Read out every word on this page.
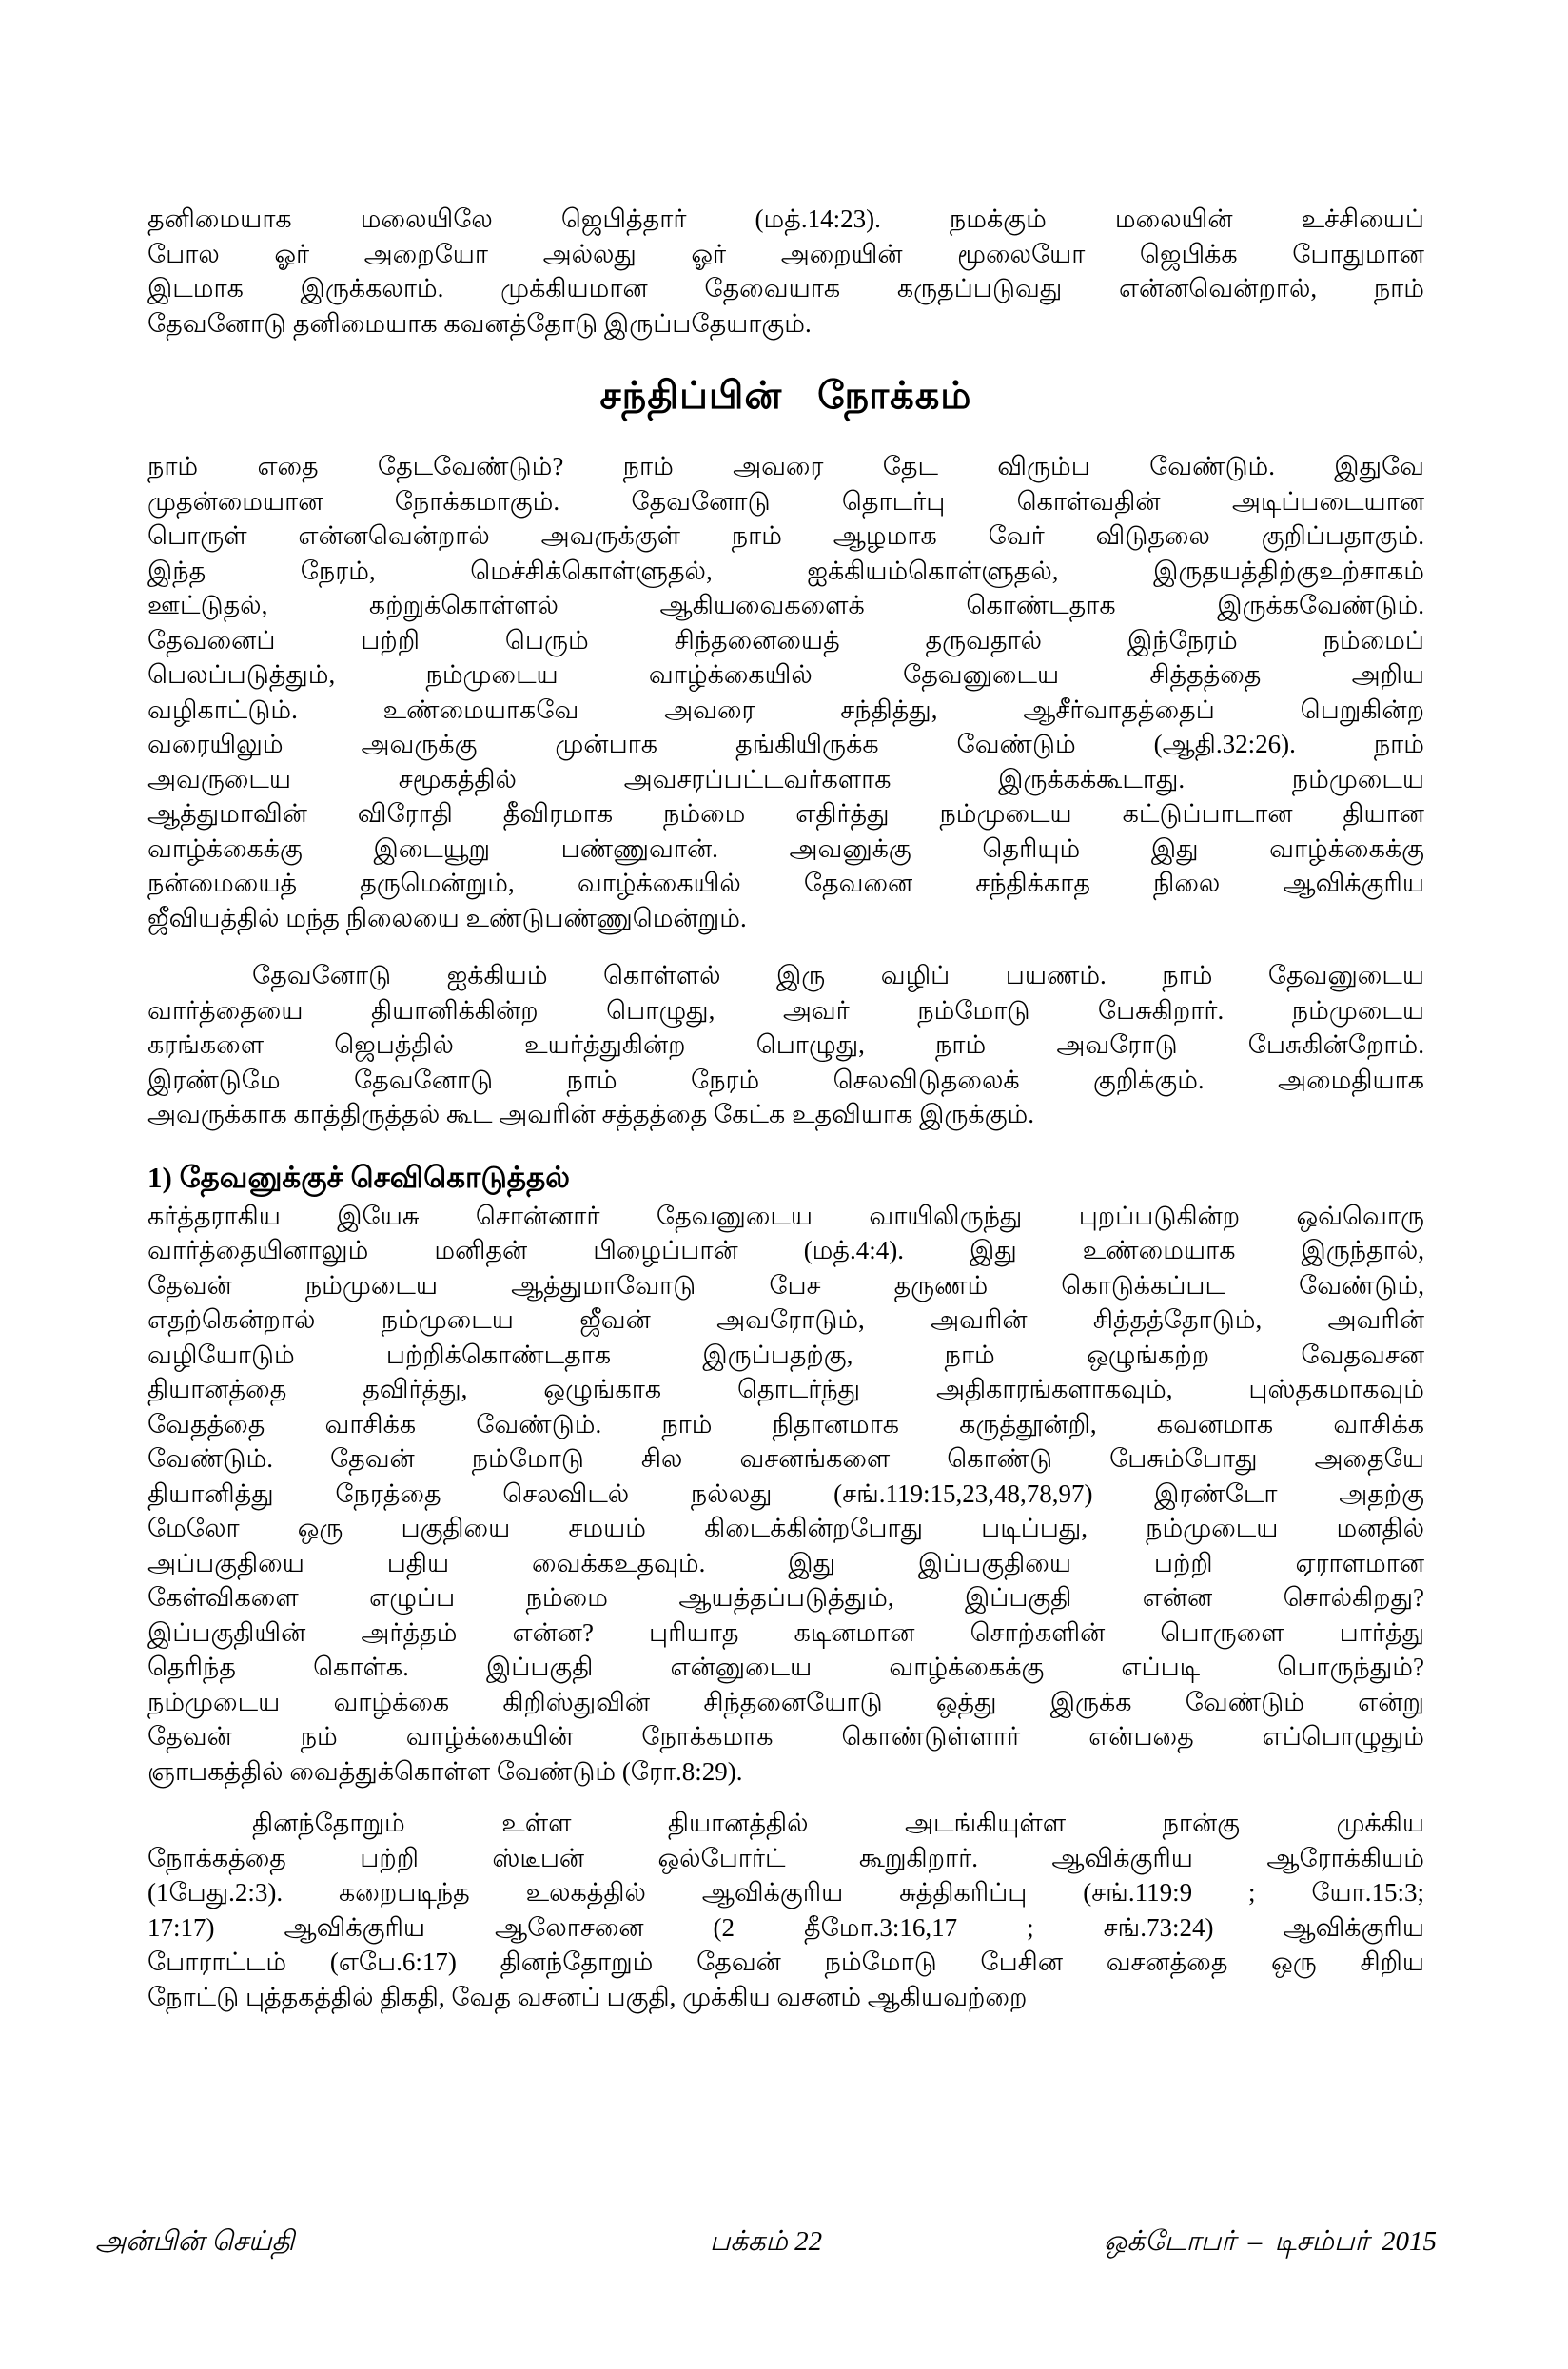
தனிமையாக மலையிலே ஜெபித்தார் (மத்.14:23). நமக்கும் மலையின் உச்சியைப்
போல ஓர் அறையோ அல்லது ஓர் அறையின் மூலையோ ஜெபிக்க போதுமான
இடமாக இருக்கலாம். முக்கியமான தேவையாக கருதப்படுவது என்னவென்றால், நாம்
தேவனோடு தனிமையாக கவனத்தோடு இருப்பதேயாகும்.
சந்திப்பின் நோக்கம்
நாம் எதை தேடவேண்டும்? நாம் அவரை தேட விரும்ப வேண்டும். இதுவே
முதன்மையான நோக்கமாகும். தேவனோடு தொடர்பு கொள்வதின் அடிப்படையான
பொருள் என்னவென்றால் அவருக்குள் நாம் ஆழமாக வேர் விடுதலை குறிப்பதாகும்.
இந்த நேரம், மெச்சிக்கொள்ளுதல், ஐக்கியம்கொள்ளுதல், இருதயத்திற்குஉற்சாகம்
ஊட்டுதல், கற்றுக்கொள்ளல் ஆகியவைகளைக் கொண்டதாக இருக்கவேண்டும்.
தேவனைப் பற்றி பெரும் சிந்தனையைத் தருவதால் இந்நேரம் நம்மைப்
பெலப்படுத்தும், நம்முடைய வாழ்க்கையில் தேவனுடைய சித்தத்தை அறிய
வழிகாட்டும். உண்மையாகவே அவரை சந்தித்து, ஆசீர்வாதத்தைப் பெறுகின்ற
வரையிலும் அவருக்கு முன்பாக தங்கியிருக்க வேண்டும் (ஆதி.32:26). நாம்
அவருடைய சமூகத்தில் அவசரப்பட்டவர்களாக இருக்கக்கூடாது. நம்முடைய
ஆத்துமாவின் விரோதி தீவிரமாக நம்மை எதிர்த்து நம்முடைய கட்டுப்பாடான தியான
வாழ்க்கைக்கு இடையூறு பண்ணுவான். அவனுக்கு தெரியும் இது வாழ்க்கைக்கு
நன்மையைத் தருமென்றும், வாழ்க்கையில் தேவனை சந்திக்காத நிலை ஆவிக்குரிய
ஜீவியத்தில் மந்த நிலையை உண்டுபண்ணுமென்றும்.
தேவனோடு ஐக்கியம் கொள்ளல் இரு வழிப் பயணம். நாம் தேவனுடைய
வார்த்தையை தியானிக்கின்ற பொழுது, அவர் நம்மோடு பேசுகிறார். நம்முடைய
கரங்களை ஜெபத்தில் உயர்த்துகின்ற பொழுது, நாம் அவரோடு பேசுகின்றோம்.
இரண்டுமே தேவனோடு நாம் நேரம் செலவிடுதலைக் குறிக்கும். அமைதியாக
அவருக்காக காத்திருத்தல் கூட அவரின் சத்தத்தை கேட்க உதவியாக இருக்கும்.
1) தேவனுக்குச் செவிகொடுத்தல்
கர்த்தராகிய இயேசு சொன்னார் தேவனுடைய வாயிலிருந்து புறப்படுகின்ற ஒவ்வொரு
வார்த்தையினாலும் மனிதன் பிழைப்பான் (மத்.4:4). இது உண்மையாக இருந்தால்,
தேவன் நம்முடைய ஆத்துமாவோடு பேச தருணம் கொடுக்கப்பட வேண்டும்,
எதற்கென்றால் நம்முடைய ஜீவன் அவரோடும், அவரின் சித்தத்தோடும், அவரின்
வழியோடும் பற்றிக்கொண்டதாக இருப்பதற்கு, நாம் ஒழுங்கற்ற வேதவசன
தியானத்தை தவிர்த்து, ஒழுங்காக தொடர்ந்து அதிகாரங்களாகவும், புஸ்தகமாகவும்
வேதத்தை வாசிக்க வேண்டும். நாம் நிதானமாக கருத்தூன்றி, கவனமாக வாசிக்க
வேண்டும். தேவன் நம்மோடு சில வசனங்களை கொண்டு பேசும்போது அதையே
தியானித்து நேரத்தை செலவிடல் நல்லது (சங்.119:15,23,48,78,97) இரண்டோ அதற்கு
மேலோ ஒரு பகுதியை சமயம் கிடைக்கின்றபோது படிப்பது, நம்முடைய மனதில்
அப்பகுதியை பதிய வைக்கஉதவும். இது இப்பகுதியை பற்றி ஏராளமான
கேள்விகளை எழுப்ப நம்மை ஆயத்தப்படுத்தும், இப்பகுதி என்ன சொல்கிறது?
இப்பகுதியின் அர்த்தம் என்ன? புரியாத கடினமான சொற்களின் பொருளை பார்த்து
தெரிந்த கொள்க. இப்பகுதி என்னுடைய வாழ்க்கைக்கு எப்படி பொருந்தும்?
நம்முடைய வாழ்க்கை கிறிஸ்துவின் சிந்தனையோடு ஒத்து இருக்க வேண்டும் என்று
தேவன் நம் வாழ்க்கையின் நோக்கமாக கொண்டுள்ளார் என்பதை எப்பொழுதும்
ஞாபகத்தில் வைத்துக்கொள்ள வேண்டும் (ரோ.8:29).
தினந்தோறும் உள்ள தியானத்தில் அடங்கியுள்ள நான்கு முக்கிய
நோக்கத்தை பற்றி ஸ்டீபன் ஒல்போர்ட் கூறுகிறார். ஆவிக்குரிய ஆரோக்கியம்
(1பேது.2:3). கறைபடிந்த உலகத்தில் ஆவிக்குரிய சுத்திகரிப்பு (சங்.119:9 ; யோ.15:3;
17:17) ஆவிக்குரிய ஆலோசனை (2 தீமோ.3:16,17 ; சங்.73:24) ஆவிக்குரிய
போராட்டம் (எபே.6:17) தினந்தோறும் தேவன் நம்மோடு பேசின வசனத்தை ஒரு சிறிய
நோட்டு புத்தகத்தில் திகதி, வேத வசனப் பகுதி, முக்கிய வசனம் ஆகியவற்றை
அன்பின் செய்தி	பக்கம் 22	ஒக்டோபர் – டிசம்பர் 2015
